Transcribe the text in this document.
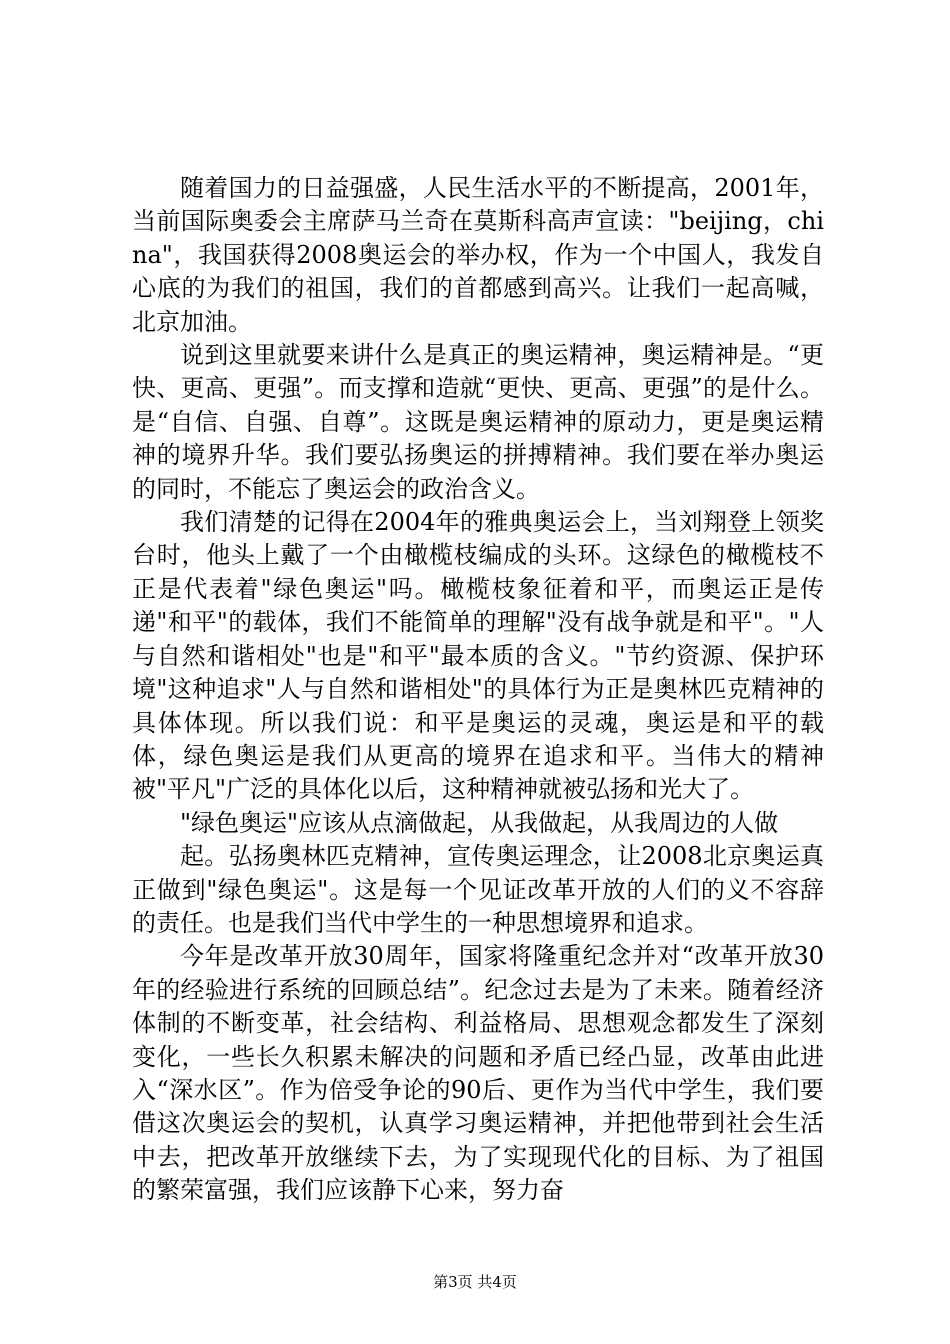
随着国力的日益强盛，人民生活水平的不断提高，2001年，当前国际奥委会主席萨马兰奇在莫斯科高声宣读："beijing，china"，我国获得2008奥运会的举办权，作为一个中国人，我发自心底的为我们的祖国，我们的首都感到高兴。让我们一起高喊，北京加油。

说到这里就要来讲什么是真正的奥运精神，奥运精神是。“更快、更高、更强”。而支撑和造就“更快、更高、更强”的是什么。是“自信、自强、自尊”。这既是奥运精神的原动力，更是奥运精神的境界升华。我们要弘扬奥运的拼搏精神。我们要在举办奥运的同时，不能忘了奥运会的政治含义。

我们清楚的记得在2004年的雅典奥运会上，当刘翔登上领奖台时，他头上戴了一个由橄榄枝编成的头环。这绿色的橄榄枝不正是代表着"绿色奥运"吗。橄榄枝象征着和平，而奥运正是传递"和平"的载体，我们不能简单的理解"没有战争就是和平"。"人与自然和谐相处"也是"和平"最本质的含义。"节约资源、保护环境"这种追求"人与自然和谐相处"的具体行为正是奥林匹克精神的具体体现。所以我们说：和平是奥运的灵魂，奥运是和平的载体，绿色奥运是我们从更高的境界在追求和平。当伟大的精神被"平凡"广泛的具体化以后，这种精神就被弘扬和光大了。

"绿色奥运"应该从点滴做起，从我做起，从我周边的人做

起。弘扬奥林匹克精神，宣传奥运理念，让2008北京奥运真正做到"绿色奥运"。这是每一个见证改革开放的人们的义不容辞的责任。也是我们当代中学生的一种思想境界和追求。

今年是改革开放30周年，国家将隆重纪念并对“改革开放30年的经验进行系统的回顾总结”。纪念过去是为了未来。随着经济体制的不断变革，社会结构、利益格局、思想观念都发生了深刻变化，一些长久积累未解决的问题和矛盾已经凸显，改革由此进入“深水区”。作为倍受争论的90后、更作为当代中学生，我们要借这次奥运会的契机，认真学习奥运精神，并把他带到社会生活中去，把改革开放继续下去，为了实现现代化的目标、为了祖国的繁荣富强，我们应该静下心来，努力奋

第3页 共4页
